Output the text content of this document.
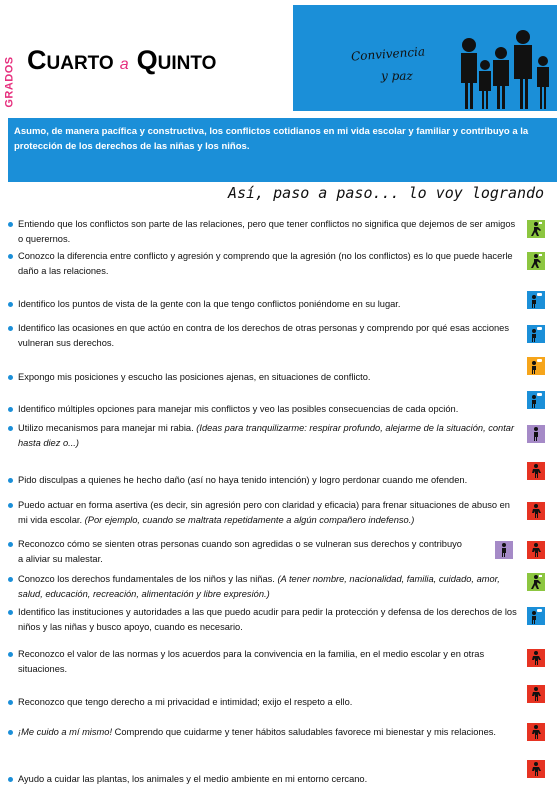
GRADOS C UARTO a Q UINTO	Convivencia
y paz
Asumo, de manera pacífica y constructiva, los conflictos cotidianos en mi vida escolar y familiar y contribuyo a la protección de los derechos de las niñas y los niños.
Así, paso a paso... lo voy logrando
Entiendo que los conflictos son parte de las relaciones, pero que tener conflictos no significa que dejemos de ser amigos o querernos.
Conozco la diferencia entre conflicto y agresión y comprendo que la agresión (no los conflictos) es lo que puede hacerle daño a las relaciones.
Identifico los puntos de vista de la gente con la que tengo conflictos poniéndome en su lugar.
Identifico las ocasiones en que actúo en contra de los derechos de otras personas y comprendo por qué esas acciones vulneran sus derechos.
Expongo mis posiciones y escucho las posiciones ajenas, en situaciones de conflicto.
Identifico múltiples opciones para manejar mis conflictos y veo las posibles consecuencias de cada opción.
Utilizo mecanismos para manejar mi rabia. (Ideas para tranquilizarme: respirar profundo, alejarme de la situación, contar hasta diez o...)
Pido disculpas a quienes he hecho daño (así no haya tenido intención) y logro perdonar cuando me ofenden.
Puedo actuar en forma asertiva (es decir, sin agresión pero con claridad y eficacia) para frenar situaciones de abuso en mi vida escolar. (Por ejemplo, cuando se maltrata repetidamente a algún compañero indefenso.)
Reconozco cómo se sienten otras personas cuando son agredidas o se vulneran sus derechos y contribuyo a aliviar su malestar.
Conozco los derechos fundamentales de los niños y las niñas. (A tener nombre, nacionalidad, familia, cuidado, amor, salud, educación, recreación, alimentación y libre expresión.)
Identifico las instituciones y autoridades a las que puedo acudir para pedir la protección y defensa de los derechos de los niños y las niñas y busco apoyo, cuando es necesario.
Reconozco el valor de las normas y los acuerdos para la convivencia en la familia, en el medio escolar y en otras situaciones.
Reconozco que tengo derecho a mi privacidad e intimidad; exijo el respeto a ello.
¡Me cuido a mí mismo! Comprendo que cuidarme y tener hábitos saludables favorece mi bienestar y mis relaciones.
Ayudo a cuidar las plantas, los animales y el medio ambiente en mi entorno cercano.
